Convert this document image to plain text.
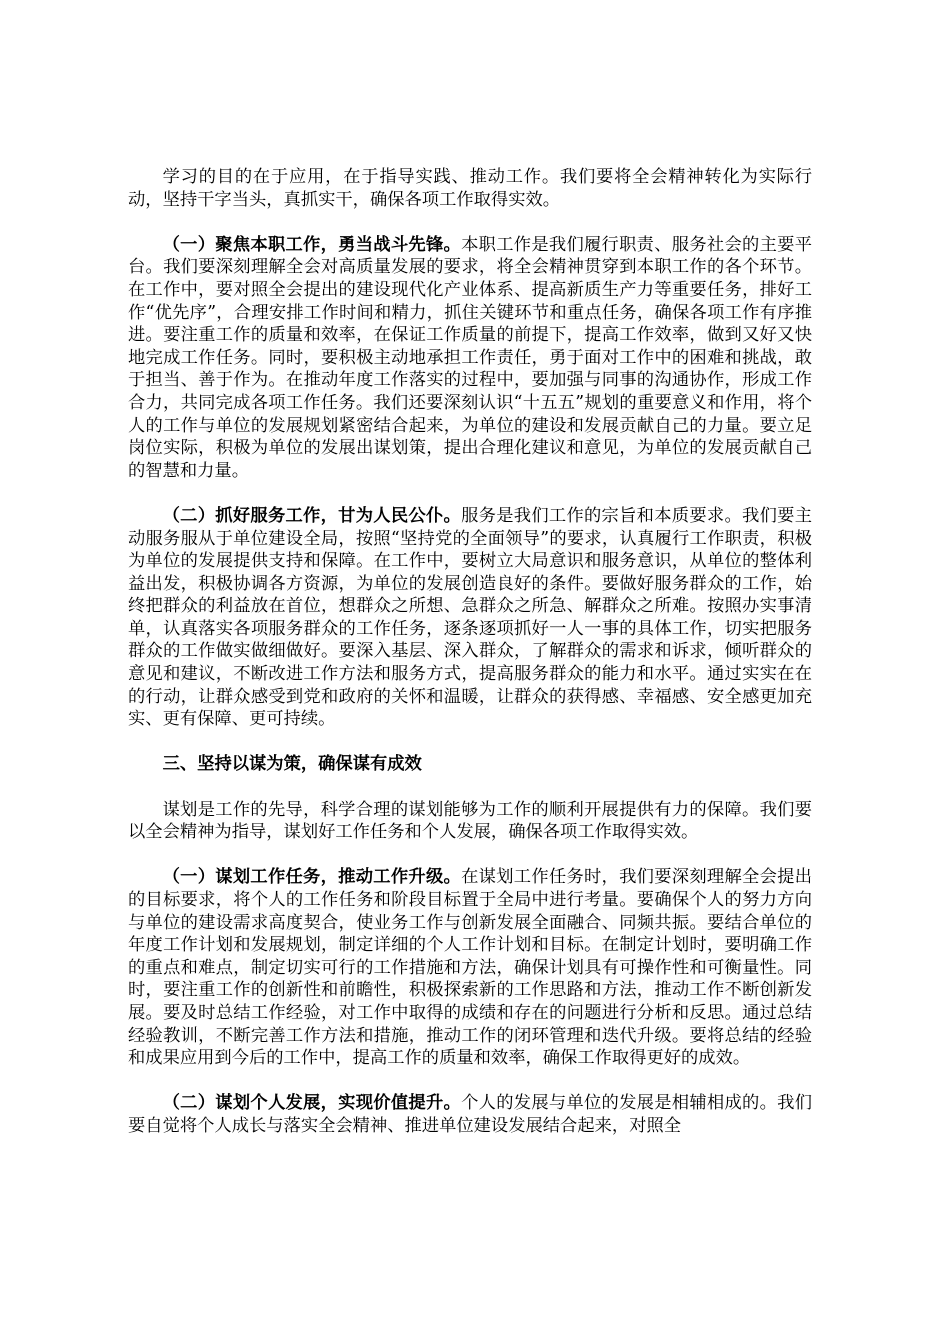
学习的目的在于应用，在于指导实践、推动工作。我们要将全会精神转化为实际行动，坚持干字当头，真抓实干，确保各项工作取得实效。

（一）聚焦本职工作，勇当战斗先锋。本职工作是我们履行职责、服务社会的主要平台。我们要深刻理解全会对高质量发展的要求，将全会精神贯穿到本职工作的各个环节。在工作中，要对照全会提出的建设现代化产业体系、提高新质生产力等重要任务，排好工作“优先序”，合理安排工作时间和精力，抓住关键环节和重点任务，确保各项工作有序推进。要注重工作的质量和效率，在保证工作质量的前提下，提高工作效率，做到又好又快地完成工作任务。同时，要积极主动地承担工作责任，勇于面对工作中的困难和挑战，敢于担当、善于作为。在推动年度工作落实的过程中，要加强与同事的沟通协作，形成工作合力，共同完成各项工作任务。我们还要深刻认识“十五五”规划的重要意义和作用，将个人的工作与单位的发展规划紧密结合起来，为单位的建设和发展贡献自己的力量。要立足岗位实际，积极为单位的发展出谋划策，提出合理化建议和意见，为单位的发展贡献自己的智慧和力量。

（二）抓好服务工作，甘为人民公仆。服务是我们工作的宗旨和本质要求。我们要主动服务服从于单位建设全局，按照“坚持党的全面领导”的要求，认真履行工作职责，积极为单位的发展提供支持和保障。在工作中，要树立大局意识和服务意识，从单位的整体利益出发，积极协调各方资源，为单位的发展创造良好的条件。要做好服务群众的工作，始终把群众的利益放在首位，想群众之所想、急群众之所急、解群众之所难。按照办实事清单，认真落实各项服务群众的工作任务，逐条逐项抓好一人一事的具体工作，切实把服务群众的工作做实做细做好。要深入基层、深入群众，了解群众的需求和诉求，倾听群众的意见和建议，不断改进工作方法和服务方式，提高服务群众的能力和水平。通过实实在在的行动，让群众感受到党和政府的关怀和温暖，让群众的获得感、幸福感、安全感更加充实、更有保障、更可持续。

三、坚持以谋为策，确保谋有成效

谋划是工作的先导，科学合理的谋划能够为工作的顺利开展提供有力的保障。我们要以全会精神为指导，谋划好工作任务和个人发展，确保各项工作取得实效。

（一）谋划工作任务，推动工作升级。在谋划工作任务时，我们要深刻理解全会提出的目标要求，将个人的工作任务和阶段目标置于全局中进行考量。要确保个人的努力方向与单位的建设需求高度契合，使业务工作与创新发展全面融合、同频共振。要结合单位的年度工作计划和发展规划，制定详细的个人工作计划和目标。在制定计划时，要明确工作的重点和难点，制定切实可行的工作措施和方法，确保计划具有可操作性和可衡量性。同时，要注重工作的创新性和前瞻性，积极探索新的工作思路和方法，推动工作不断创新发展。要及时总结工作经验，对工作中取得的成绩和存在的问题进行分析和反思。通过总结经验教训，不断完善工作方法和措施，推动工作的闭环管理和迭代升级。要将总结的经验和成果应用到今后的工作中，提高工作的质量和效率，确保工作取得更好的成效。

（二）谋划个人发展，实现价值提升。个人的发展与单位的发展是相辅相成的。我们要自觉将个人成长与落实全会精神、推进单位建设发展结合起来，对照全
